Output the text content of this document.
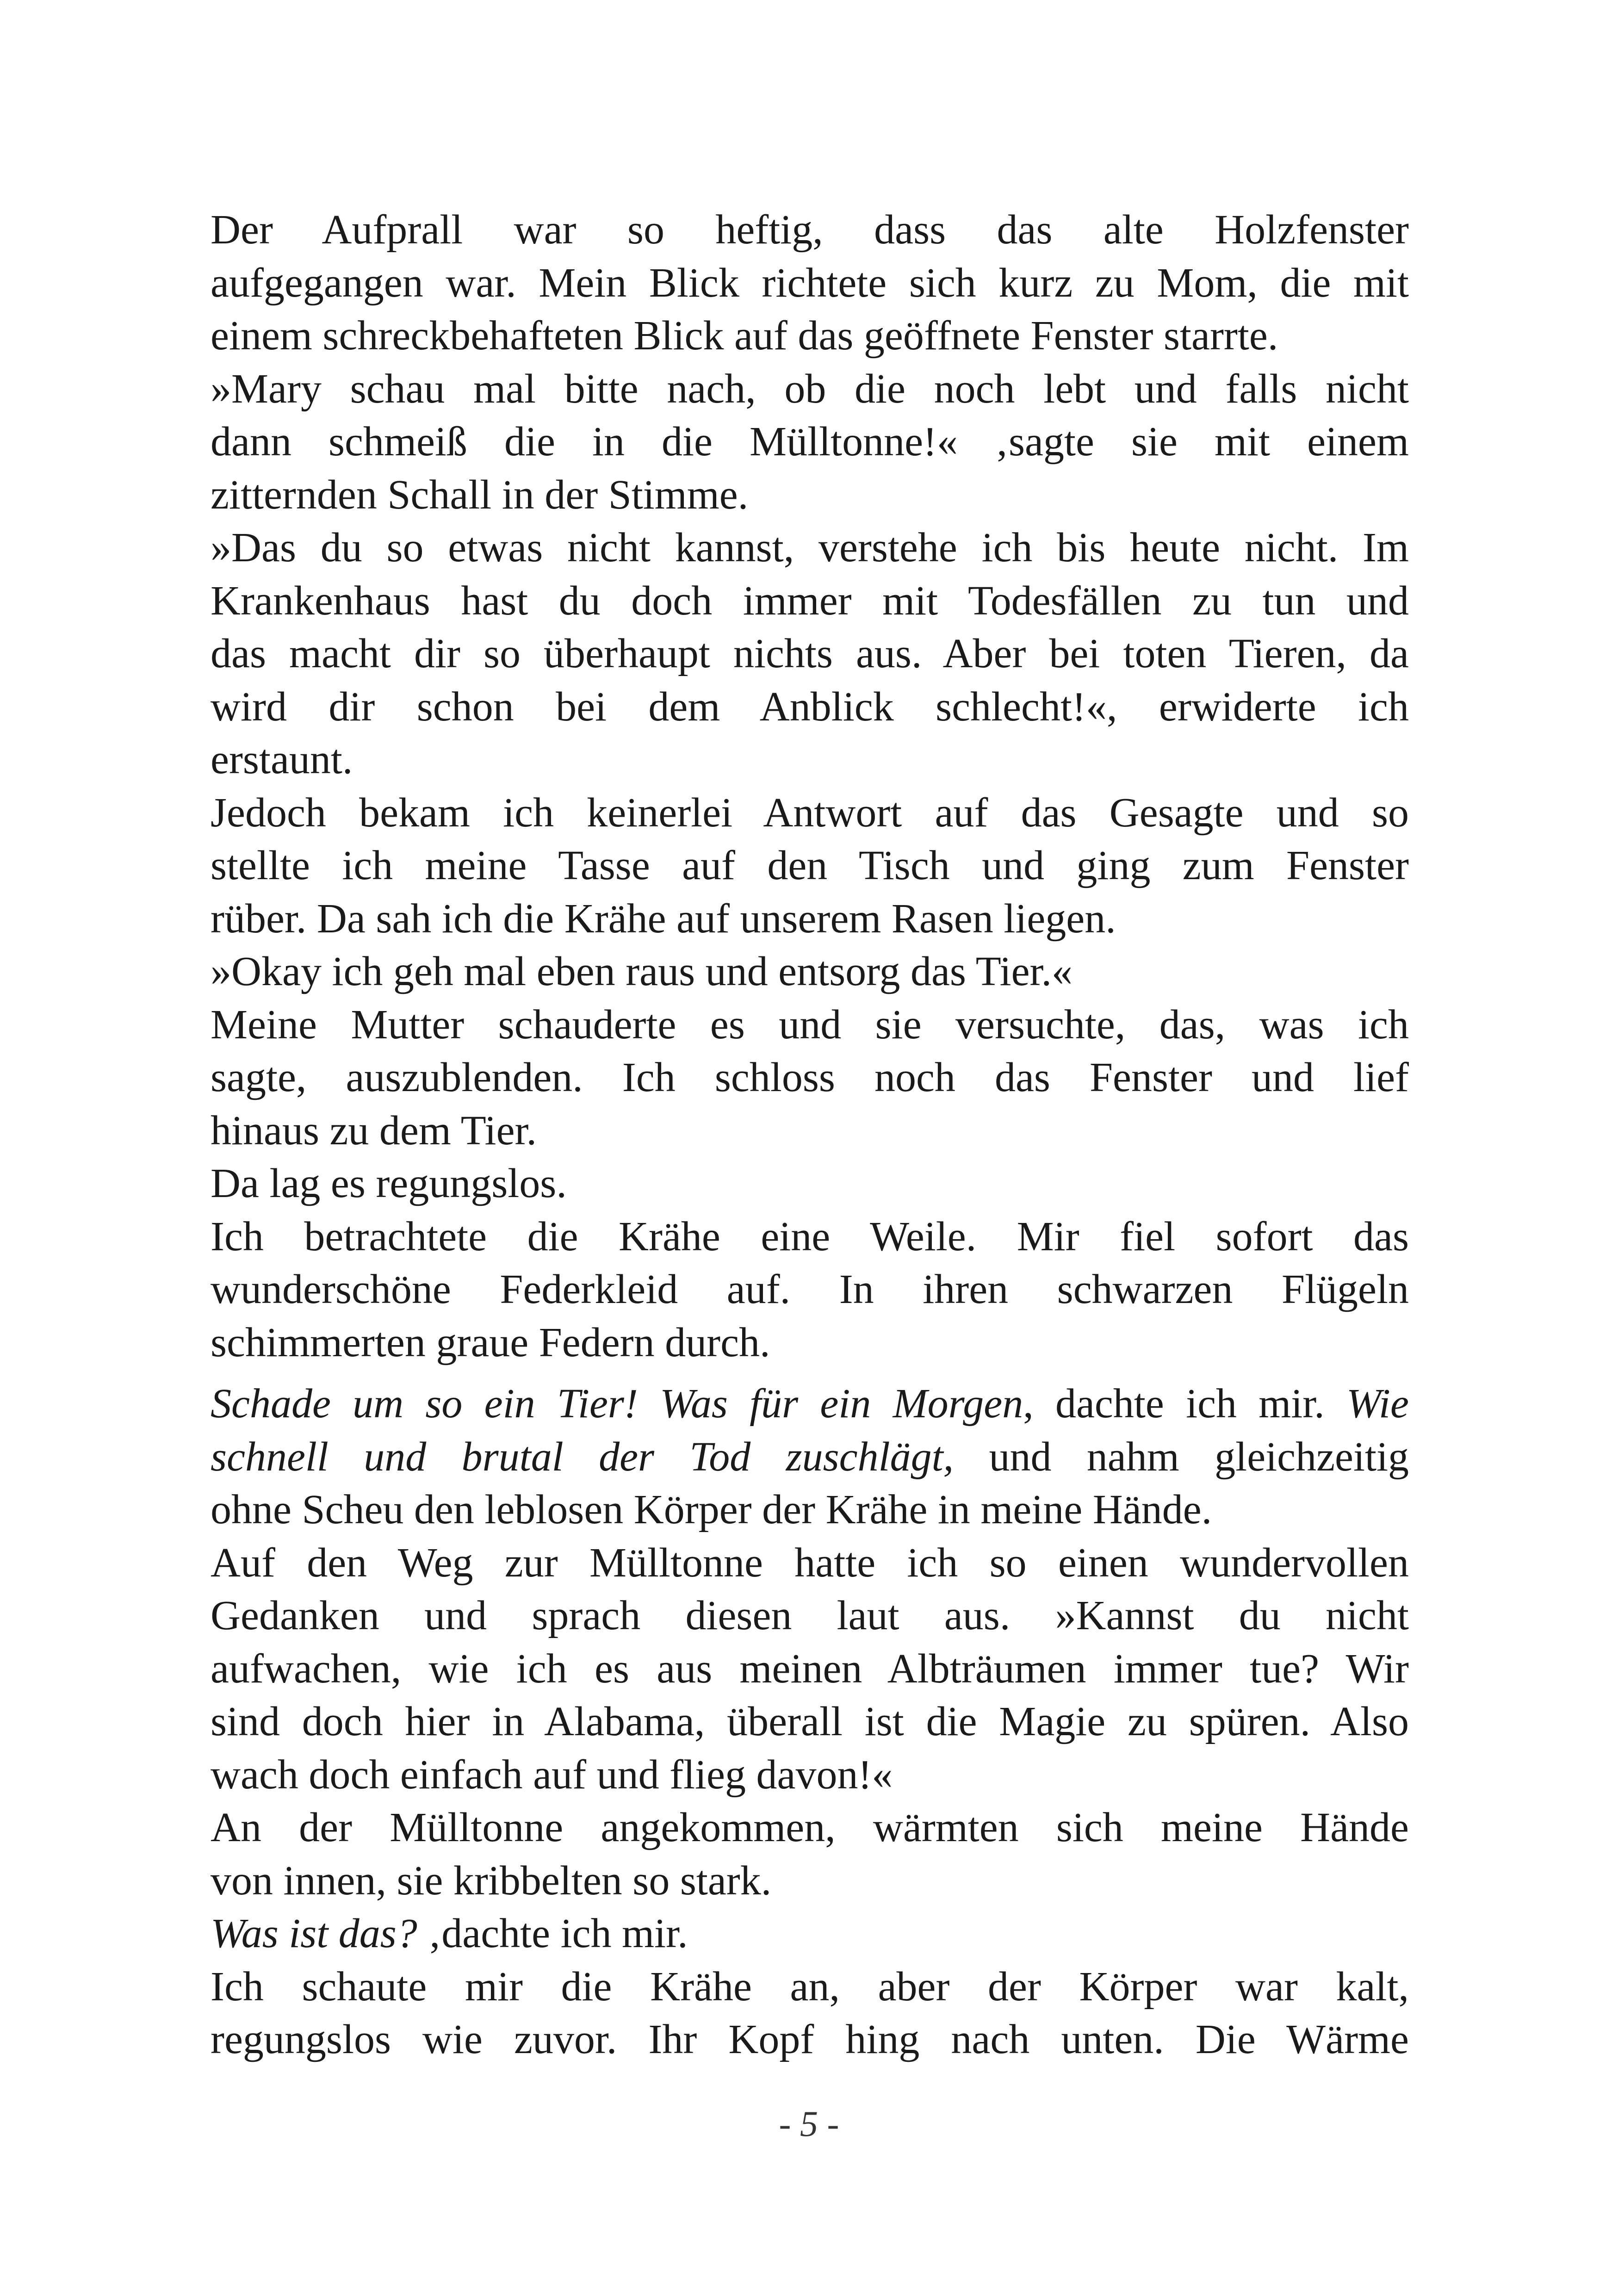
Der Aufprall war so heftig, dass das alte Holzfenster
aufgegangen war. Mein Blick richtete sich kurz zu Mom, die mit
einem schreckbehafteten Blick auf das geöffnete Fenster starrte.
»Mary schau mal bitte nach, ob die noch lebt und falls nicht
dann schmeiß die in die Mülltonne!« ‚sagte sie mit einem
zitternden Schall in der Stimme.
»Das du so etwas nicht kannst, verstehe ich bis heute nicht. Im
Krankenhaus hast du doch immer mit Todesfällen zu tun und
das macht dir so überhaupt nichts aus. Aber bei toten Tieren, da
wird dir schon bei dem Anblick schlecht!«, erwiderte ich
erstaunt.
Jedoch bekam ich keinerlei Antwort auf das Gesagte und so
stellte ich meine Tasse auf den Tisch und ging zum Fenster
rüber. Da sah ich die Krähe auf unserem Rasen liegen.
»Okay ich geh mal eben raus und entsorg das Tier.«
Meine Mutter schauderte es und sie versuchte, das, was ich
sagte, auszublenden. Ich schloss noch das Fenster und lief
hinaus zu dem Tier.
Da lag es regungslos.
Ich betrachtete die Krähe eine Weile. Mir fiel sofort das
wunderschöne Federkleid auf. In ihren schwarzen Flügeln
schimmerten graue Federn durch.
Schade um so ein Tier! Was für ein Morgen, dachte ich mir. Wie
schnell und brutal der Tod zuschlägt, und nahm gleichzeitig
ohne Scheu den leblosen Körper der Krähe in meine Hände.
Auf den Weg zur Mülltonne hatte ich so einen wundervollen
Gedanken und sprach diesen laut aus. »Kannst du nicht
aufwachen, wie ich es aus meinen Albträumen immer tue? Wir
sind doch hier in Alabama, überall ist die Magie zu spüren. Also
wach doch einfach auf und flieg davon!«
An der Mülltonne angekommen, wärmten sich meine Hände
von innen, sie kribbelten so stark.
Was ist das? ‚dachte ich mir.
Ich schaute mir die Krähe an, aber der Körper war kalt,
regungslos wie zuvor. Ihr Kopf hing nach unten. Die Wärme
- 5 -
